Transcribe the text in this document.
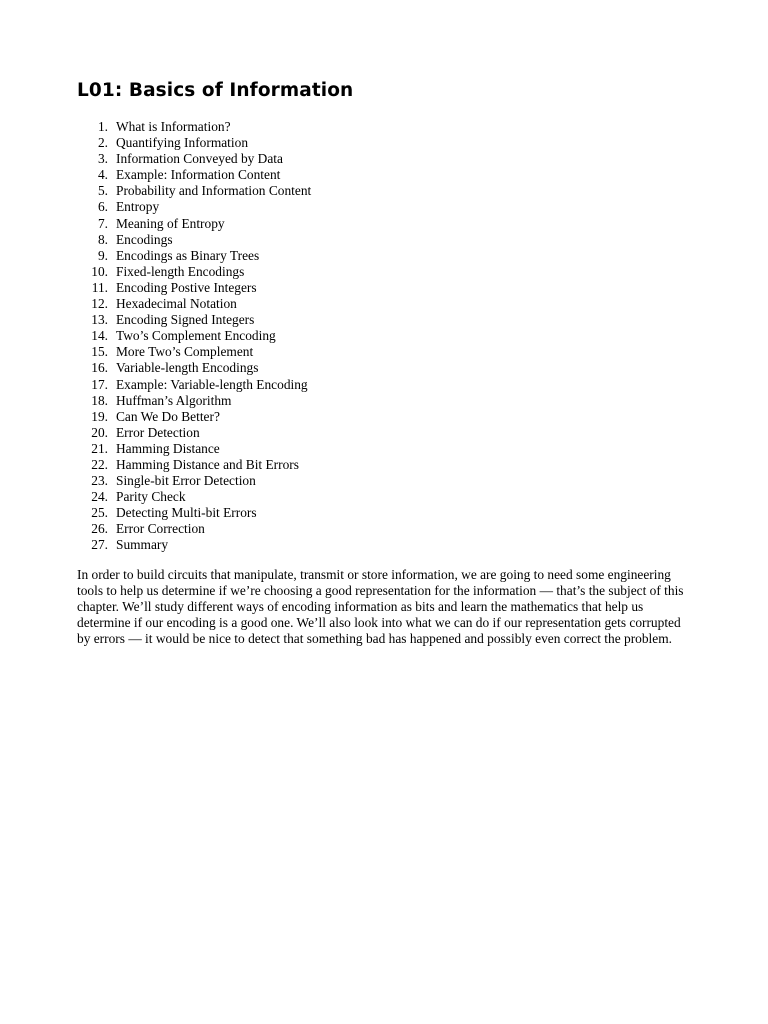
L01: Basics of Information
1. What is Information?
2. Quantifying Information
3. Information Conveyed by Data
4. Example: Information Content
5. Probability and Information Content
6. Entropy
7. Meaning of Entropy
8. Encodings
9. Encodings as Binary Trees
10. Fixed-length Encodings
11. Encoding Postive Integers
12. Hexadecimal Notation
13. Encoding Signed Integers
14. Two’s Complement Encoding
15. More Two’s Complement
16. Variable-length Encodings
17. Example: Variable-length Encoding
18. Huffman’s Algorithm
19. Can We Do Better?
20. Error Detection
21. Hamming Distance
22. Hamming Distance and Bit Errors
23. Single-bit Error Detection
24. Parity Check
25. Detecting Multi-bit Errors
26. Error Correction
27. Summary

In order to build circuits that manipulate, transmit or store information, we are going to need some engineering tools to help us determine if we’re choosing a good representation for the information — that’s the subject of this chapter. We’ll study different ways of encoding information as bits and learn the mathematics that help us determine if our encoding is a good one. We’ll also look into what we can do if our representation gets corrupted by errors — it would be nice to detect that something bad has happened and possibly even correct the problem.
